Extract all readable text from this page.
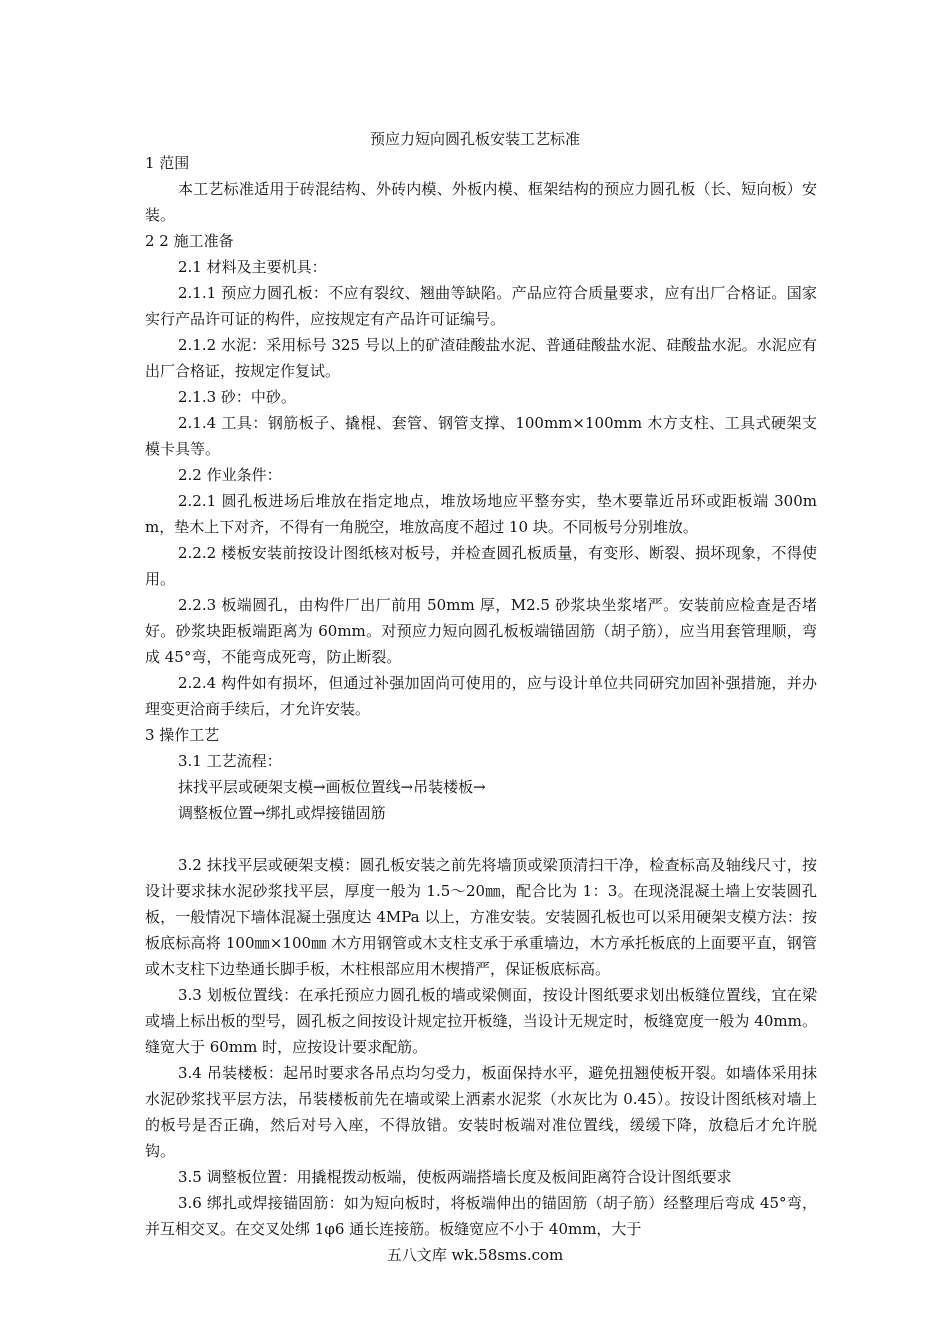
预应力短向圆孔板安装工艺标准

1 范围

本工艺标准适用于砖混结构、外砖内模、外板内模、框架结构的预应力圆孔板（长、短向板）安装。

2 2 施工准备

2.1 材料及主要机具：

2.1.1 预应力圆孔板：不应有裂纹、翘曲等缺陷。产品应符合质量要求，应有出厂合格证。国家实行产品许可证的构件，应按规定有产品许可证编号。

2.1.2 水泥：采用标号 325 号以上的矿渣硅酸盐水泥、普通硅酸盐水泥、硅酸盐水泥。水泥应有出厂合格证，按规定作复试。

2.1.3 砂：中砂。

2.1.4 工具：钢筋板子、撬棍、套管、钢管支撑、100mm×100mm 木方支柱、工具式硬架支模卡具等。

2.2 作业条件：

2.2.1 圆孔板进场后堆放在指定地点，堆放场地应平整夯实，垫木要靠近吊环或距板端 300mm，垫木上下对齐，不得有一角脱空，堆放高度不超过 10 块。不同板号分别堆放。

2.2.2 楼板安装前按设计图纸核对板号，并检查圆孔板质量，有变形、断裂、损坏现象，不得使用。

2.2.3 板端圆孔，由构件厂出厂前用 50mm 厚，M2.5 砂浆块坐浆堵严。安装前应检查是否堵好。砂浆块距板端距离为 60mm。对预应力短向圆孔板板端锚固筋（胡子筋），应当用套管理顺，弯成 45°弯，不能弯成死弯，防止断裂。

2.2.4 构件如有损坏，但通过补强加固尚可使用的，应与设计单位共同研究加固补强措施，并办理变更洽商手续后，才允许安装。

3 操作工艺

3.1 工艺流程：

抹找平层或硬架支模→画板位置线→吊装楼板→

调整板位置→绑扎或焊接锚固筋

3.2 抹找平层或硬架支模：圆孔板安装之前先将墙顶或梁顶清扫干净，检查标高及轴线尺寸，按设计要求抹水泥砂浆找平层，厚度一般为 1.5～20㎜，配合比为 1：3。在现浇混凝土墙上安装圆孔板，一般情况下墙体混凝土强度达 4MPa 以上，方准安装。安装圆孔板也可以采用硬架支模方法：按板底标高将 100㎜×100㎜ 木方用钢管或木支柱支承于承重墙边，木方承托板底的上面要平直，钢管或木支柱下边垫通长脚手板，木柱根部应用木楔揹严，保证板底标高。

3.3 划板位置线：在承托预应力圆孔板的墙或梁侧面，按设计图纸要求划出板缝位置线，宜在梁或墙上标出板的型号，圆孔板之间按设计规定拉开板缝，当设计无规定时，板缝宽度一般为 40mm。缝宽大于 60mm 时，应按设计要求配筋。

3.4 吊装楼板：起吊时要求各吊点均匀受力，板面保持水平，避免扭翘使板开裂。如墙体采用抹水泥砂浆找平层方法，吊装楼板前先在墙或梁上洒素水泥浆（水灰比为 0.45）。按设计图纸核对墙上的板号是否正确，然后对号入座，不得放错。安装时板端对准位置线，缓缓下降，放稳后才允许脱钩。

3.5 调整板位置：用撬棍拨动板端，使板两端搭墙长度及板间距离符合设计图纸要求

3.6 绑扎或焊接锚固筋：如为短向板时，将板端伸出的锚固筋（胡子筋）经整理后弯成 45°弯，并互相交叉。在交叉处绑 1φ6 通长连接筋。板缝宽应不小于 40mm，大于

五八文库 wk.58sms.com
